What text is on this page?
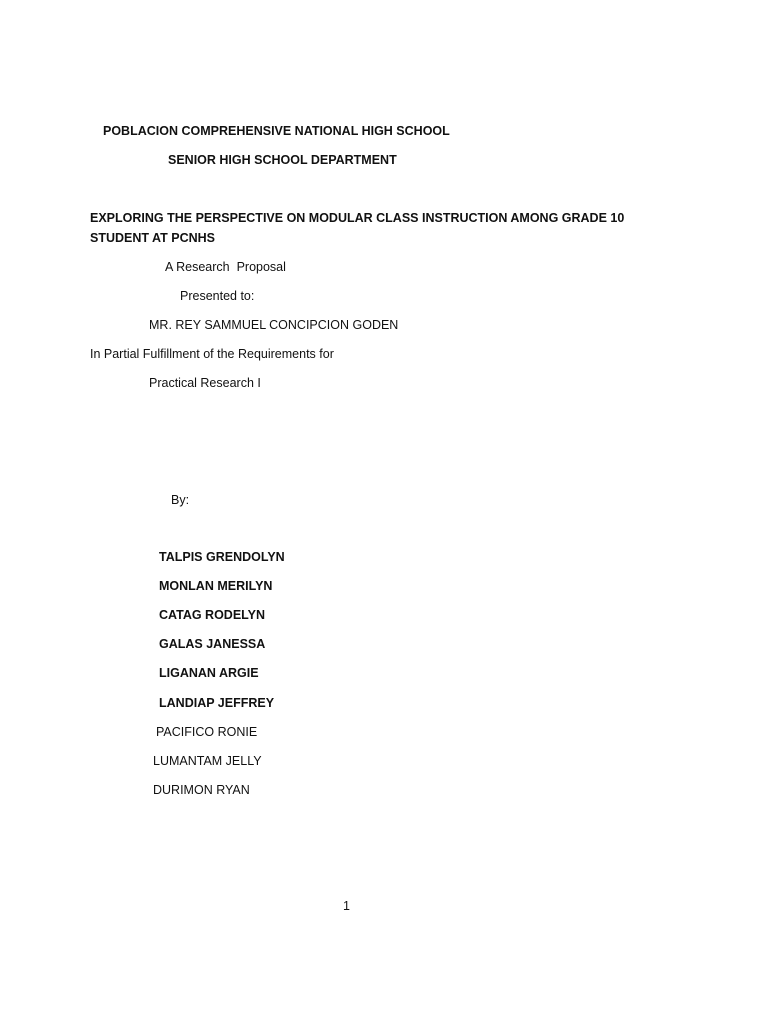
POBLACION COMPREHENSIVE NATIONAL HIGH SCHOOL

SENIOR HIGH SCHOOL DEPARTMENT

EXPLORING THE PERSPECTIVE ON MODULAR CLASS INSTRUCTION AMONG GRADE 10 STUDENT AT PCNHS

A Research  Proposal

Presented to:

MR. REY SAMMUEL CONCIPCION GODEN

In Partial Fulfillment of the Requirements for

Practical Research I

By:

TALPIS GRENDOLYN

MONLAN MERILYN

CATAG RODELYN

GALAS JANESSA

LIGANAN ARGIE

LANDIAP JEFFREY

PACIFICO RONIE

LUMANTAM JELLY

DURIMON RYAN

1
